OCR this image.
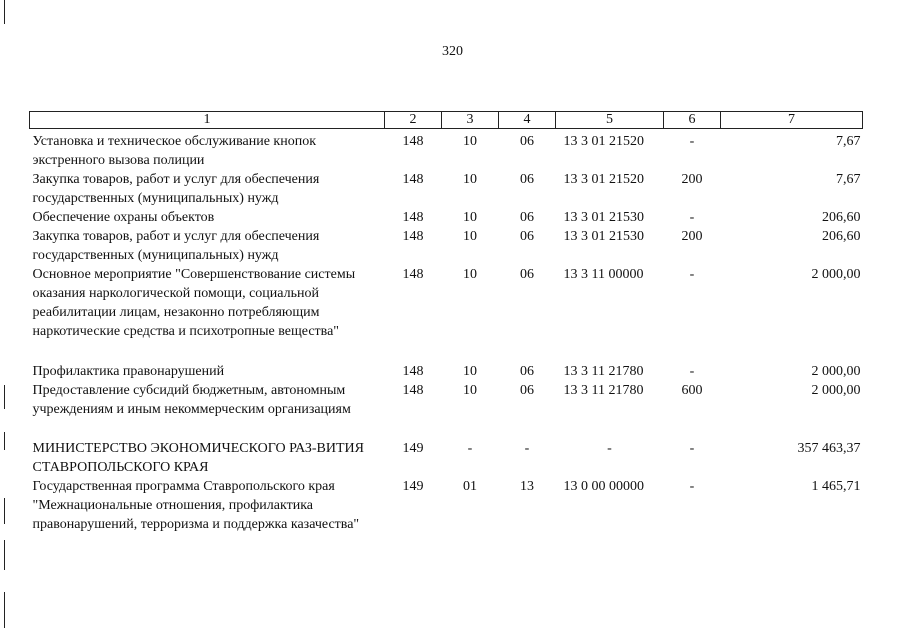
320
1	2	3	4	5	6	7
Установка и техническое обслуживание кнопок экстренного вызова полиции	148	10	06	13 3 01 21520	-	7,67
Закупка товаров, работ и услуг для обеспечения государственных (муниципальных) нужд	148	10	06	13 3 01 21520	200	7,67
Обеспечение охраны объектов	148	10	06	13 3 01 21530	-	206,60
Закупка товаров, работ и услуг для обеспечения государственных (муниципальных) нужд	148	10	06	13 3 01 21530	200	206,60
Основное мероприятие "Совершенствование системы оказания наркологической помощи, социальной реабилитации лицам, незаконно потребляющим наркотические средства и психотропные вещества"	148	10	06	13 3 11 00000	-	2 000,00

Профилактика правонарушений	148	10	06	13 3 11 21780	-	2 000,00
Предоставление субсидий бюджетным, автономным учреждениям и иным некоммерческим организациям	148	10	06	13 3 11 21780	600	2 000,00

МИНИСТЕРСТВО ЭКОНОМИЧЕСКОГО РАЗ-ВИТИЯ СТАВРОПОЛЬСКОГО КРАЯ	149	-	-	-	-	357 463,37
Государственная программа Ставропольского края "Межнациональные отношения, профилактика правонарушений, терроризма и поддержка казачества"	149	01	13	13 0 00 00000	-	1 465,71
